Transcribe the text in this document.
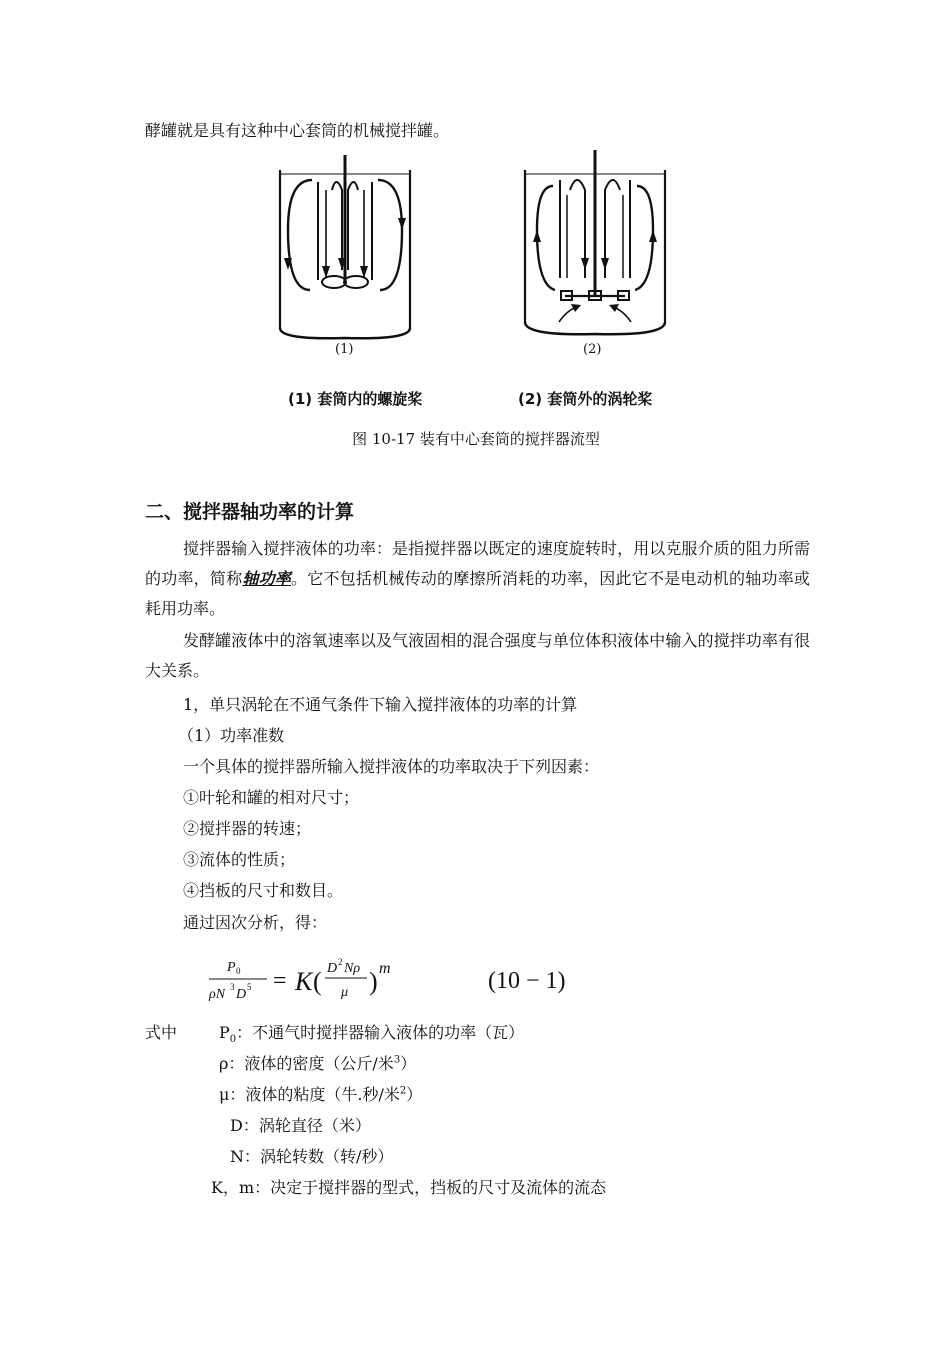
酵罐就是具有这种中心套筒的机械搅拌罐。
(1)	(2)
(1) 套筒内的螺旋桨	(2) 套筒外的涡轮桨
图 10-17 装有中心套筒的搅拌器流型
二、搅拌器轴功率的计算

搅拌器输入搅拌液体的功率：是指搅拌器以既定的速度旋转时，用以克服介质的阻力所需的功率，简称轴功率。它不包括机械传动的摩擦所消耗的功率，因此它不是电动机的轴功率或耗用功率。

发酵罐液体中的溶氧速率以及气液固相的混合强度与单位体积液体中输入的搅拌功率有很大关系。

1，单只涡轮在不通气条件下输入搅拌液体的功率的计算
（1）功率准数
一个具体的搅拌器所输入搅拌液体的功率取决于下列因素：
①叶轮和罐的相对尺寸；
②搅拌器的转速；
③流体的性质；
④挡板的尺寸和数目。
通过因次分析，得：
P 0
ρN 3 D 5 = K ( D 2 Nρ
μ ) m	(10 − 1)
式中	$P_0$：不通气时搅拌器输入液体的功率（瓦）
ρ：液体的密度（公斤/米$^3$）
μ：液体的粘度（牛.秒/米$^2$）
D：涡轮直径（米）
N：涡轮转数（转/秒）
K，m：决定于搅拌器的型式，挡板的尺寸及流体的流态
